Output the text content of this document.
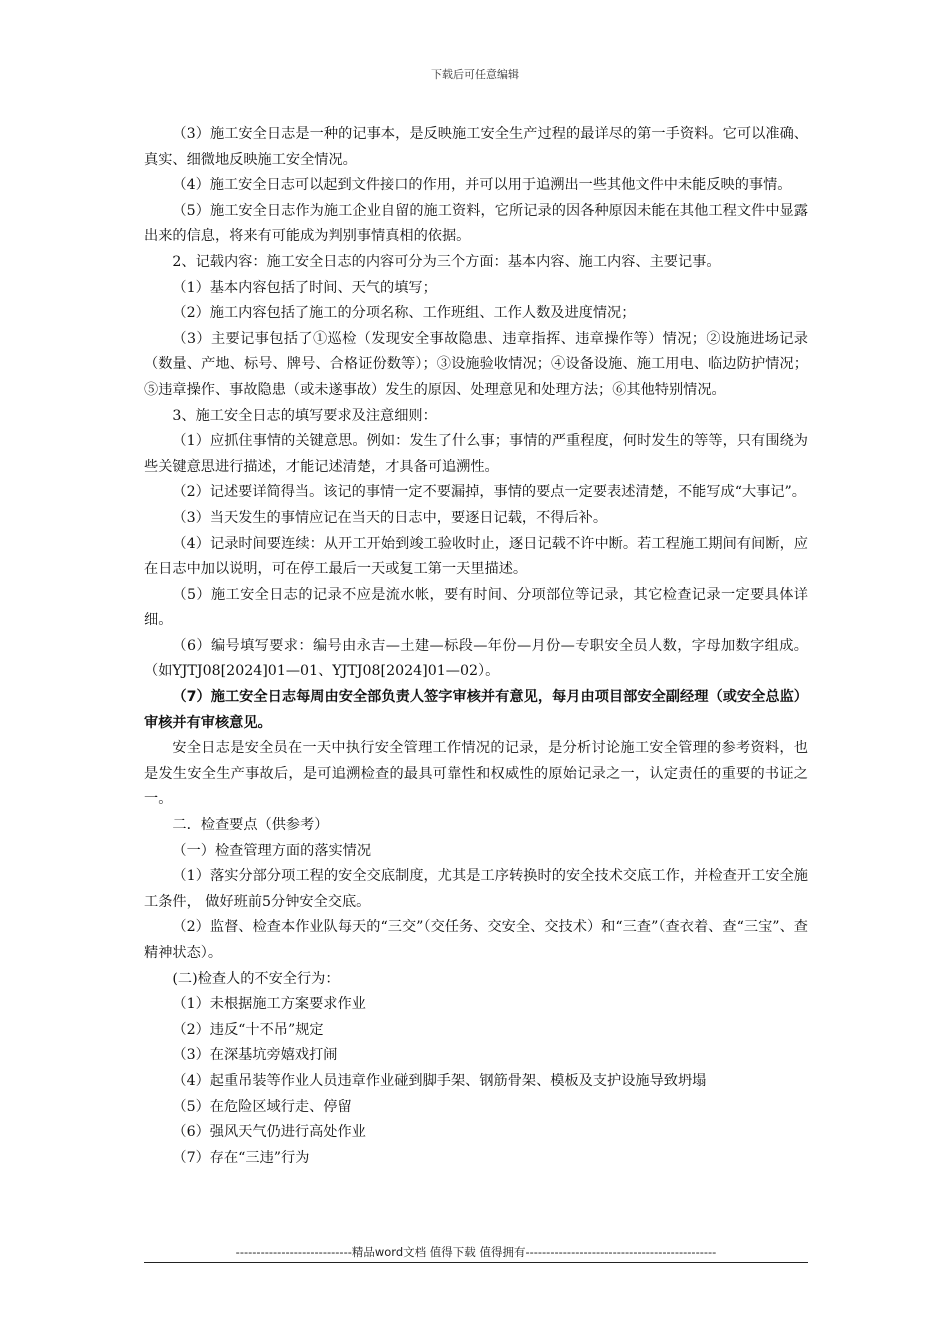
下载后可任意编辑

（3）施工安全日志是一种的记事本，是反映施工安全生产过程的最详尽的第一手资料。它可以准确、真实、细微地反映施工安全情况。

（4）施工安全日志可以起到文件接口的作用，并可以用于追溯出一些其他文件中未能反映的事情。

（5）施工安全日志作为施工企业自留的施工资料，它所记录的因各种原因未能在其他工程文件中显露出来的信息，将来有可能成为判别事情真相的依据。

2、记载内容：施工安全日志的内容可分为三个方面：基本内容、施工内容、主要记事。

（1）基本内容包括了时间、天气的填写；

（2）施工内容包括了施工的分项名称、工作班组、工作人数及进度情况；

（3）主要记事包括了①巡检（发现安全事故隐患、违章指挥、违章操作等）情况；②设施进场记录（数量、产地、标号、牌号、合格证份数等）；③设施验收情况；④设备设施、施工用电、临边防护情况；⑤违章操作、事故隐患（或未遂事故）发生的原因、处理意见和处理方法；⑥其他特别情况。

3、施工安全日志的填写要求及注意细则：

（1）应抓住事情的关键意思。例如：发生了什么事；事情的严重程度，何时发生的等等，只有围绕为些关键意思进行描述，才能记述清楚，才具备可追溯性。

（2）记述要详简得当。该记的事情一定不要漏掉，事情的要点一定要表述清楚，不能写成“大事记”。

（3）当天发生的事情应记在当天的日志中，要逐日记载，不得后补。

（4）记录时间要连续：从开工开始到竣工验收时止，逐日记载不许中断。若工程施工期间有间断，应在日志中加以说明，可在停工最后一天或复工第一天里描述。

（5）施工安全日志的记录不应是流水帐，要有时间、分项部位等记录，其它检查记录一定要具体详细。

（6）编号填写要求：编号由永吉—土建—标段—年份—月份—专职安全员人数，字母加数字组成。（如YJTJ08[2024]01—01、YJTJ08[2024]01—02）。

（7）施工安全日志每周由安全部负责人签字审核并有意见，每月由项目部安全副经理（或安全总监）审核并有审核意见。

安全日志是安全员在一天中执行安全管理工作情况的记录，是分析讨论施工安全管理的参考资料，也是发生安全生产事故后，是可追溯检查的最具可靠性和权威性的原始记录之一，认定责任的重要的书证之一。

二．检查要点（供参考）

（一）检查管理方面的落实情况

（1）落实分部分项工程的安全交底制度，尤其是工序转换时的安全技术交底工作，并检查开工安全施工条件， 做好班前5分钟安全交底。

（2）监督、检查本作业队每天的“三交”（交任务、交安全、交技术）和“三查”（查衣着、查“三宝”、查精神状态）。

(二)检查人的不安全行为：

（1）未根据施工方案要求作业

（2）违反“十不吊”规定

（3）在深基坑旁嬉戏打闹

（4）起重吊装等作业人员违章作业碰到脚手架、钢筋骨架、模板及支护设施导致坍塌

（5）在危险区域行走、停留

（6）强风天气仍进行高处作业

（7）存在“三违”行为

----------------------------精品word文档 值得下载 值得拥有----------------------------------------------
